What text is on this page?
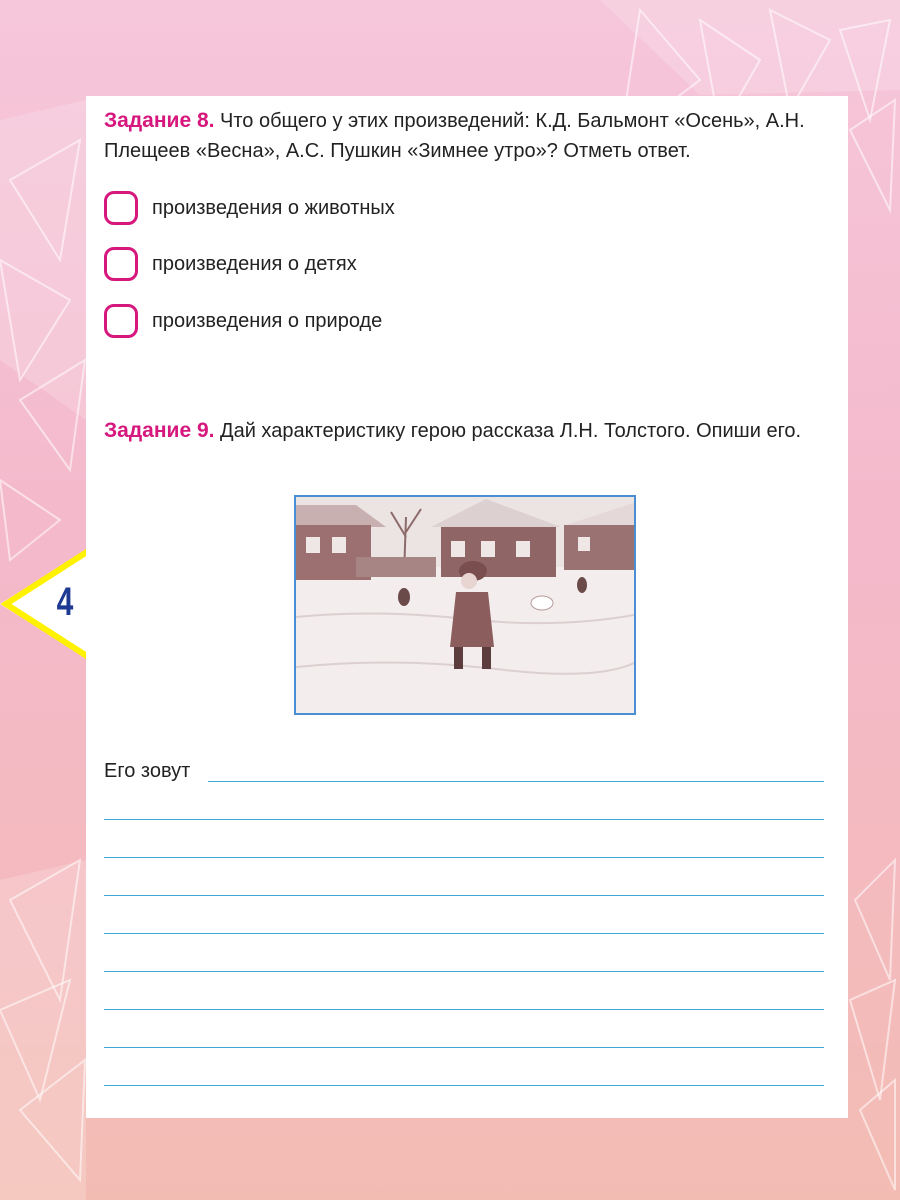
4
Задание 8. Что общего у этих произведений: К.Д. Бальмонт «Осень», А.Н. Плещеев «Весна», А.С. Пушкин «Зимнее утро»? Отметь ответ.
произведения о животных
произведения о детях
произведения о природе
Задание 9. Дай характеристику герою рассказа Л.Н. Толстого. Опиши его.
Его зовут
